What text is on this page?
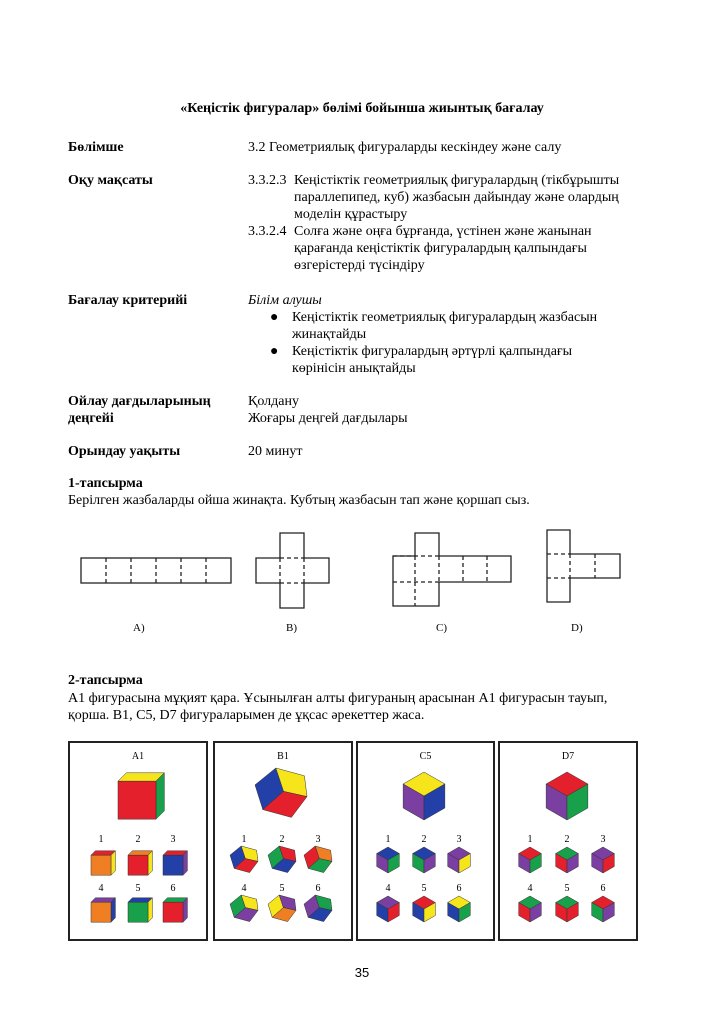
«Кеңістік фигуралар» бөлімі бойынша жиынтық бағалау
Бөлімше	3.2 Геометриялық фигураларды кескіндеу және салу
Оқу мақсаты	3.3.2.3 Кеңістіктік геометриялық фигуралардың (тікбұрышты
параллепипед, куб) жазбасын дайындау және олардың
моделін құрастыру
3.3.2.4 Солға және оңға бұрғанда, үстінен және жанынан
қарағанда кеңістіктік фигуралардың қалпындағы
өзгерістерді түсіндіру
Бағалау критерийі	Білім алушы
● Кеңістіктік геометриялық фигуралардың жазбасын
жинақтайды
● Кеңістіктік фигуралардың әртүрлі қалпындағы
көрінісін анықтайды
Ойлау дағдыларының
деңгейі
Қолдану
Жоғары деңгей дағдылары
Орындау уақыты	20 минут
1-тапсырма
Берілген жазбаларды ойша жинақта. Кубтың жазбасын тап және қоршап сыз.
A)	B)	C)	D)
2-тапсырма
А1 фигурасына мұқият қара. Ұсынылған алты фигураның арасынан А1 фигурасын тауып,
қорша. В1, С5, D7 фигураларымен де ұқсас әрекеттер жаса.
A1	B1	C5	D7
1	2	3
4	5	6
1	2	3
4	5	6
1	2	3
4	5	6
1	2	3
4	5	6
35
